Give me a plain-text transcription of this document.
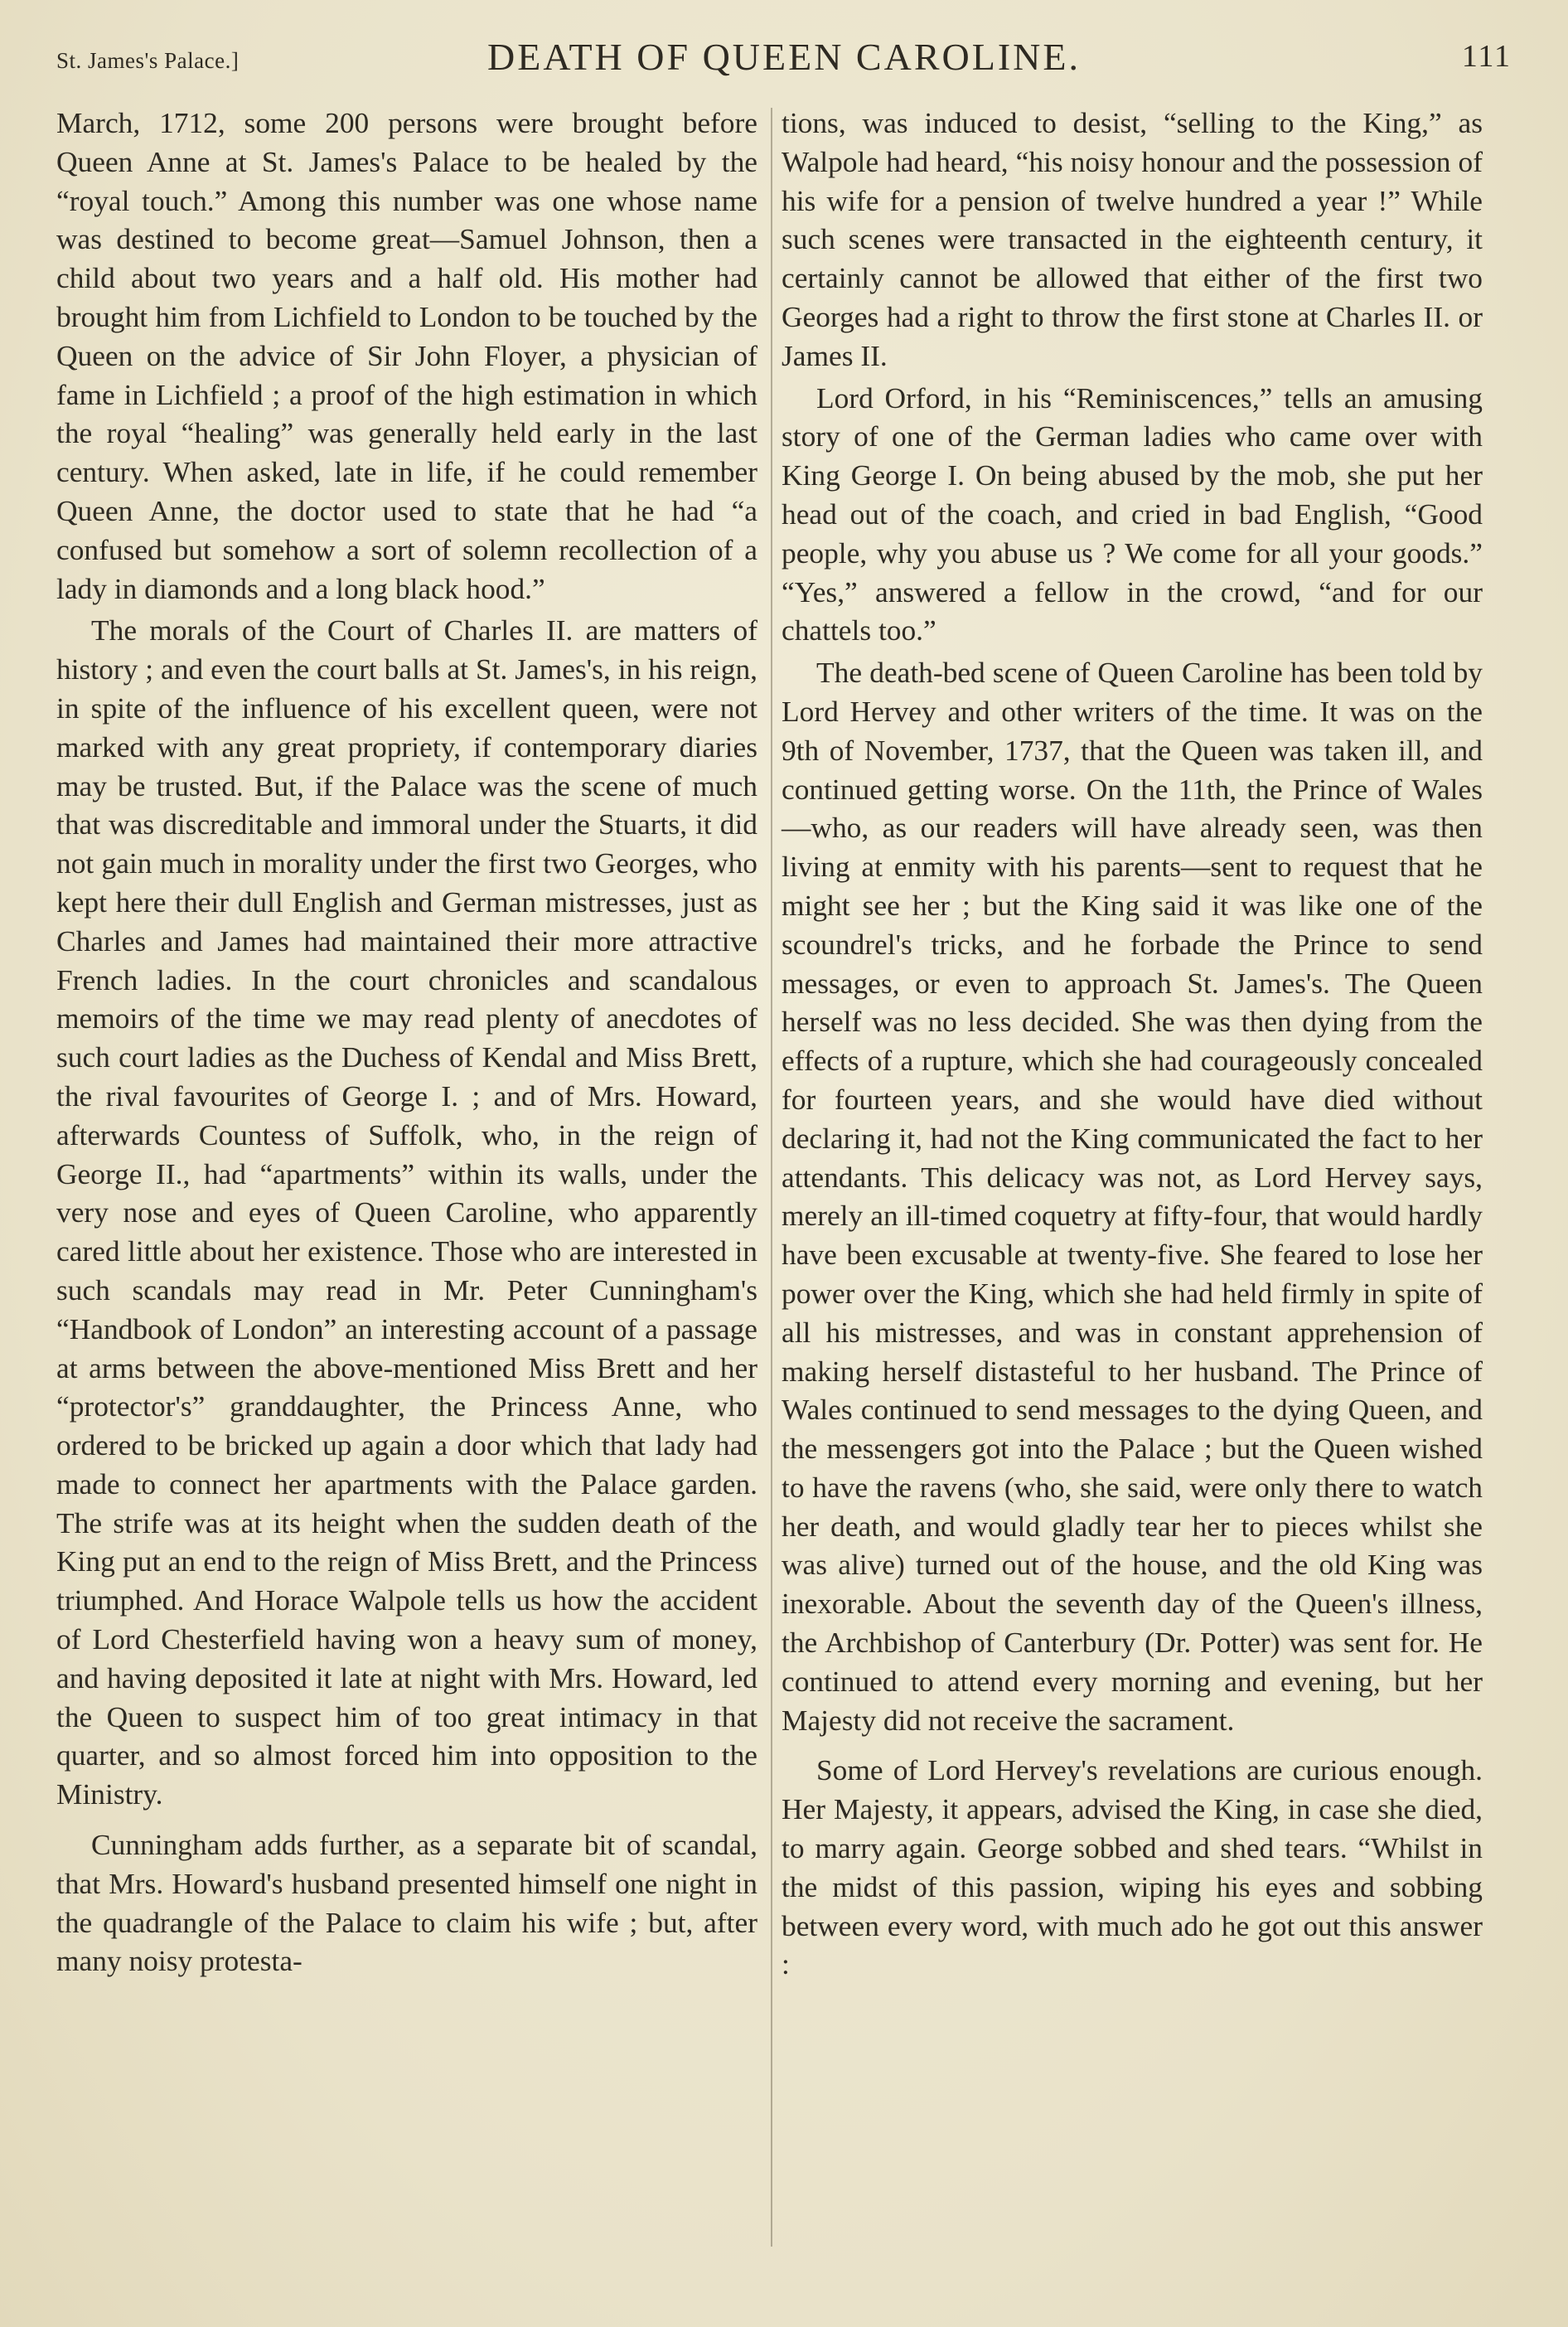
St. James's Palace.]	DEATH OF QUEEN CAROLINE.	111

March, 1712, some 200 persons were brought before Queen Anne at St. James's Palace to be healed by the “royal touch.” Among this number was one whose name was destined to become great—Samuel Johnson, then a child about two years and a half old. His mother had brought him from Lichfield to London to be touched by the Queen on the advice of Sir John Floyer, a physician of fame in Lichfield ; a proof of the high estimation in which the royal “healing” was generally held early in the last century. When asked, late in life, if he could remember Queen Anne, the doctor used to state that he had “a confused but somehow a sort of solemn recollection of a lady in diamonds and a long black hood.”

The morals of the Court of Charles II. are matters of history ; and even the court balls at St. James's, in his reign, in spite of the influence of his excellent queen, were not marked with any great propriety, if contemporary diaries may be trusted. But, if the Palace was the scene of much that was discreditable and immoral under the Stuarts, it did not gain much in morality under the first two Georges, who kept here their dull English and German mistresses, just as Charles and James had maintained their more attractive French ladies. In the court chronicles and scandalous memoirs of the time we may read plenty of anecdotes of such court ladies as the Duchess of Kendal and Miss Brett, the rival favourites of George I. ; and of Mrs. Howard, afterwards Countess of Suffolk, who, in the reign of George II., had “apartments” within its walls, under the very nose and eyes of Queen Caroline, who apparently cared little about her existence. Those who are interested in such scandals may read in Mr. Peter Cunningham's “Handbook of London” an interesting account of a passage at arms between the above-mentioned Miss Brett and her “protector's” granddaughter, the Princess Anne, who ordered to be bricked up again a door which that lady had made to connect her apartments with the Palace garden. The strife was at its height when the sudden death of the King put an end to the reign of Miss Brett, and the Princess triumphed. And Horace Walpole tells us how the accident of Lord Chesterfield having won a heavy sum of money, and having deposited it late at night with Mrs. Howard, led the Queen to suspect him of too great intimacy in that quarter, and so almost forced him into opposition to the Ministry.

Cunningham adds further, as a separate bit of scandal, that Mrs. Howard's husband presented himself one night in the quadrangle of the Palace to claim his wife ; but, after many noisy protesta-

tions, was induced to desist, “selling to the King,” as Walpole had heard, “his noisy honour and the possession of his wife for a pension of twelve hundred a year !” While such scenes were transacted in the eighteenth century, it certainly cannot be allowed that either of the first two Georges had a right to throw the first stone at Charles II. or James II.

Lord Orford, in his “Reminiscences,” tells an amusing story of one of the German ladies who came over with King George I. On being abused by the mob, she put her head out of the coach, and cried in bad English, “Good people, why you abuse us ? We come for all your goods.” “Yes,” answered a fellow in the crowd, “and for our chattels too.”

The death-bed scene of Queen Caroline has been told by Lord Hervey and other writers of the time. It was on the 9th of November, 1737, that the Queen was taken ill, and continued getting worse. On the 11th, the Prince of Wales—who, as our readers will have already seen, was then living at enmity with his parents—sent to request that he might see her ; but the King said it was like one of the scoundrel's tricks, and he forbade the Prince to send messages, or even to approach St. James's. The Queen herself was no less decided. She was then dying from the effects of a rupture, which she had courageously concealed for fourteen years, and she would have died without declaring it, had not the King communicated the fact to her attendants. This delicacy was not, as Lord Hervey says, merely an ill-timed coquetry at fifty-four, that would hardly have been excusable at twenty-five. She feared to lose her power over the King, which she had held firmly in spite of all his mistresses, and was in constant apprehension of making herself distasteful to her husband. The Prince of Wales continued to send messages to the dying Queen, and the messengers got into the Palace ; but the Queen wished to have the ravens (who, she said, were only there to watch her death, and would gladly tear her to pieces whilst she was alive) turned out of the house, and the old King was inexorable. About the seventh day of the Queen's illness, the Archbishop of Canterbury (Dr. Potter) was sent for. He continued to attend every morning and evening, but her Majesty did not receive the sacrament.

Some of Lord Hervey's revelations are curious enough. Her Majesty, it appears, advised the King, in case she died, to marry again. George sobbed and shed tears. “Whilst in the midst of this passion, wiping his eyes and sobbing between every word, with much ado he got out this answer :
